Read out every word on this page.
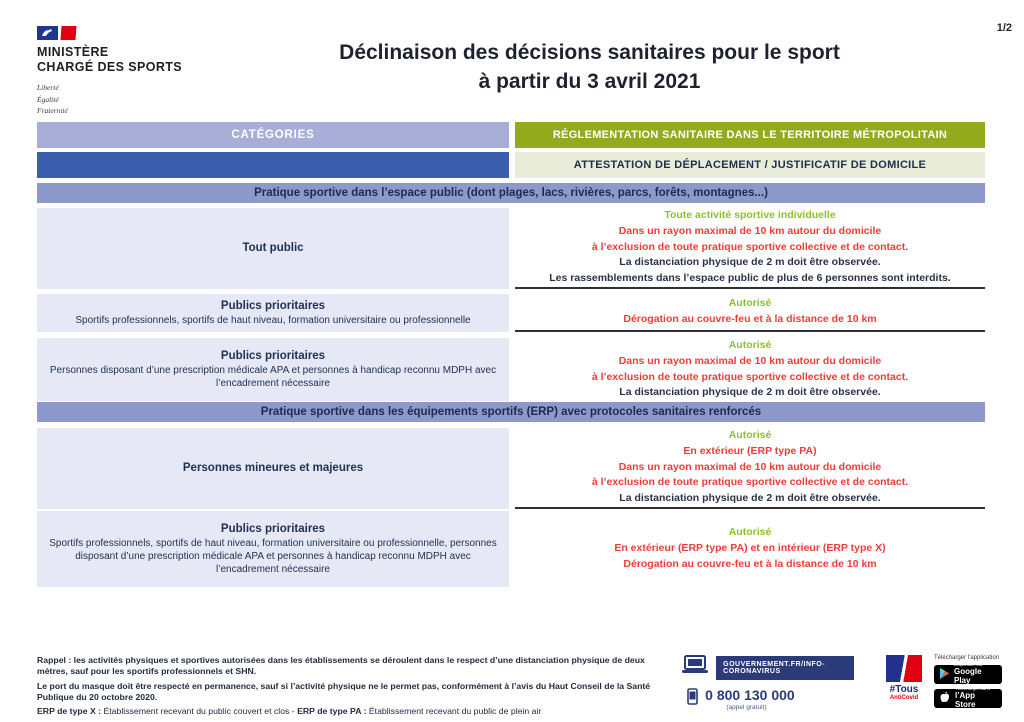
MINISTÈRE
CHARGÉ DES SPORTS
Liberté
Égalité
Fraternité
Déclinaison des décisions sanitaires pour le sport
à partir du 3 avril 2021
1/2
CATÉGORIES	RÉGLEMENTATION SANITAIRE DANS LE TERRITOIRE MÉTROPOLITAIN
ATTESTATION DE DÉPLACEMENT / JUSTIFICATIF DE DOMICILE
Pratique sportive dans l’espace public (dont plages, lacs, rivières, parcs, forêts, montagnes...)
Tout public
Toute activité sportive individuelle
Dans un rayon maximal de 10 km autour du domicile
à l’exclusion de toute pratique sportive collective et de contact.
La distanciation physique de 2 m doit être observée.
Les rassemblements dans l’espace public de plus de 6 personnes sont interdits.
Publics prioritaires
Sportifs professionnels, sportifs de haut niveau, formation universitaire ou professionnelle
Autorisé
Dérogation au couvre-feu et à la distance de 10 km
Publics prioritaires
Personnes disposant d’une prescription médicale APA et personnes à handicap reconnu MDPH avec l’encadrement nécessaire
Autorisé
Dans un rayon maximal de 10 km autour du domicile
à l’exclusion de toute pratique sportive collective et de contact.
La distanciation physique de 2 m doit être observée.
Pratique sportive dans les équipements sportifs (ERP) avec protocoles sanitaires renforcés
Personnes mineures et majeures
Autorisé
En extérieur (ERP type PA)
Dans un rayon maximal de 10 km autour du domicile
à l’exclusion de toute pratique sportive collective et de contact.
La distanciation physique de 2 m doit être observée.
Publics prioritaires
Sportifs professionnels, sportifs de haut niveau, formation universitaire ou professionnelle, personnes disposant d’une prescription médicale APA et personnes à handicap reconnu MDPH avec l’encadrement nécessaire
Autorisé
En extérieur (ERP type PA) et en intérieur (ERP type X)
Dérogation au couvre-feu et à la distance de 10 km

Rappel : les activités physiques et sportives autorisées dans les établissements se déroulent dans le respect d’une distanciation physique de deux mètres, sauf pour les sportifs professionnels et SHN.

Le port du masque doit être respecté en permanence, sauf si l’activité physique ne le permet pas, conformément à l’avis du Haut Conseil de la Santé Publique du 20 octobre 2020.

ERP de type X : Établissement recevant du public couvert et clos - ERP de type PA : Établissement recevant du public de plein air

GOUVERNEMENT.FR/INFO-CORONAVIRUS
0 800 130 000
(appel gratuit)
#Tous
AntiCovid
Télécharger l’application
Disponible sur
Google Play
Télécharger dans
l’App Store
